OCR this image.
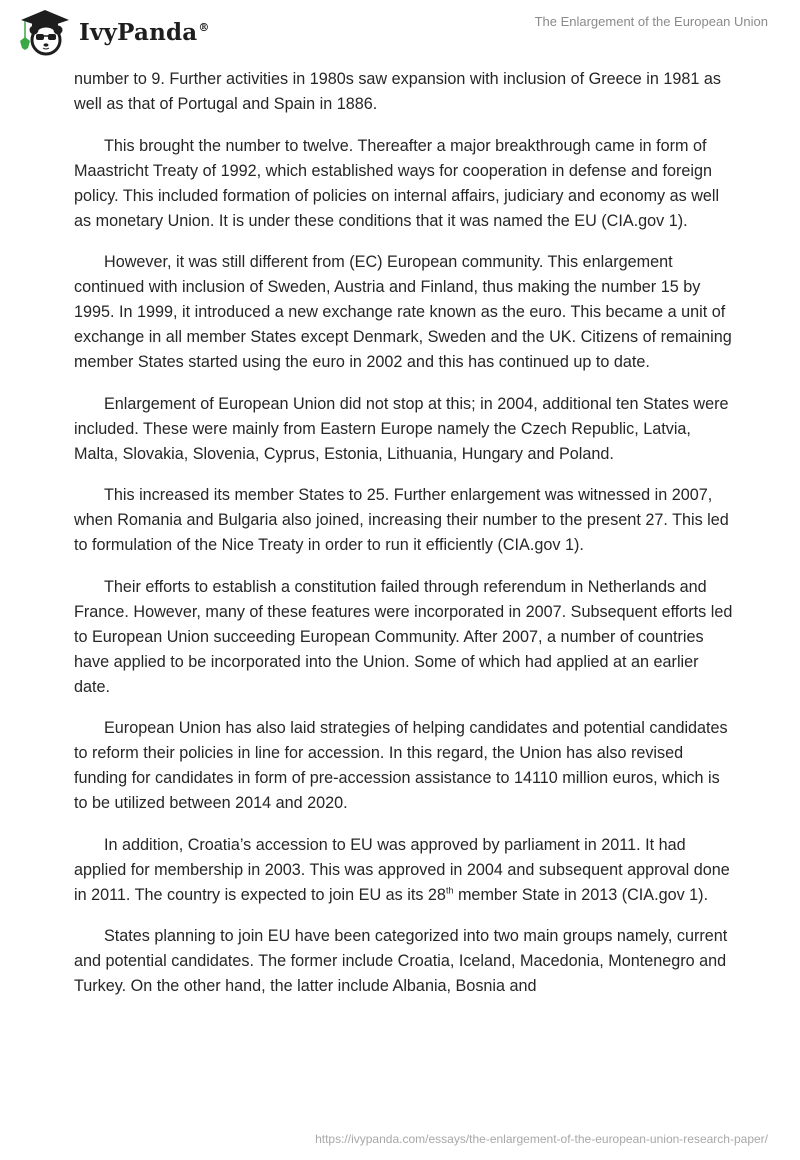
IvyPanda®	The Enlargement of the European Union

number to 9. Further activities in 1980s saw expansion with inclusion of Greece in 1981 as well as that of Portugal and Spain in 1886.

This brought the number to twelve. Thereafter a major breakthrough came in form of Maastricht Treaty of 1992, which established ways for cooperation in defense and foreign policy. This included formation of policies on internal affairs, judiciary and economy as well as monetary Union. It is under these conditions that it was named the EU (CIA.gov 1).

However, it was still different from (EC) European community. This enlargement continued with inclusion of Sweden, Austria and Finland, thus making the number 15 by 1995. In 1999, it introduced a new exchange rate known as the euro. This became a unit of exchange in all member States except Denmark, Sweden and the UK. Citizens of remaining member States started using the euro in 2002 and this has continued up to date.

Enlargement of European Union did not stop at this; in 2004, additional ten States were included. These were mainly from Eastern Europe namely the Czech Republic, Latvia, Malta, Slovakia, Slovenia, Cyprus, Estonia, Lithuania, Hungary and Poland.

This increased its member States to 25. Further enlargement was witnessed in 2007, when Romania and Bulgaria also joined, increasing their number to the present 27. This led to formulation of the Nice Treaty in order to run it efficiently (CIA.gov 1).

Their efforts to establish a constitution failed through referendum in Netherlands and France. However, many of these features were incorporated in 2007. Subsequent efforts led to European Union succeeding European Community. After 2007, a number of countries have applied to be incorporated into the Union. Some of which had applied at an earlier date.

European Union has also laid strategies of helping candidates and potential candidates to reform their policies in line for accession. In this regard, the Union has also revised funding for candidates in form of pre-accession assistance to 14110 million euros, which is to be utilized between 2014 and 2020.

In addition, Croatia’s accession to EU was approved by parliament in 2011. It had applied for membership in 2003. This was approved in 2004 and subsequent approval done in 2011. The country is expected to join EU as its 28th member State in 2013 (CIA.gov 1).

States planning to join EU have been categorized into two main groups namely, current and potential candidates. The former include Croatia, Iceland, Macedonia, Montenegro and Turkey. On the other hand, the latter include Albania, Bosnia and

https://ivypanda.com/essays/the-enlargement-of-the-european-union-research-paper/
